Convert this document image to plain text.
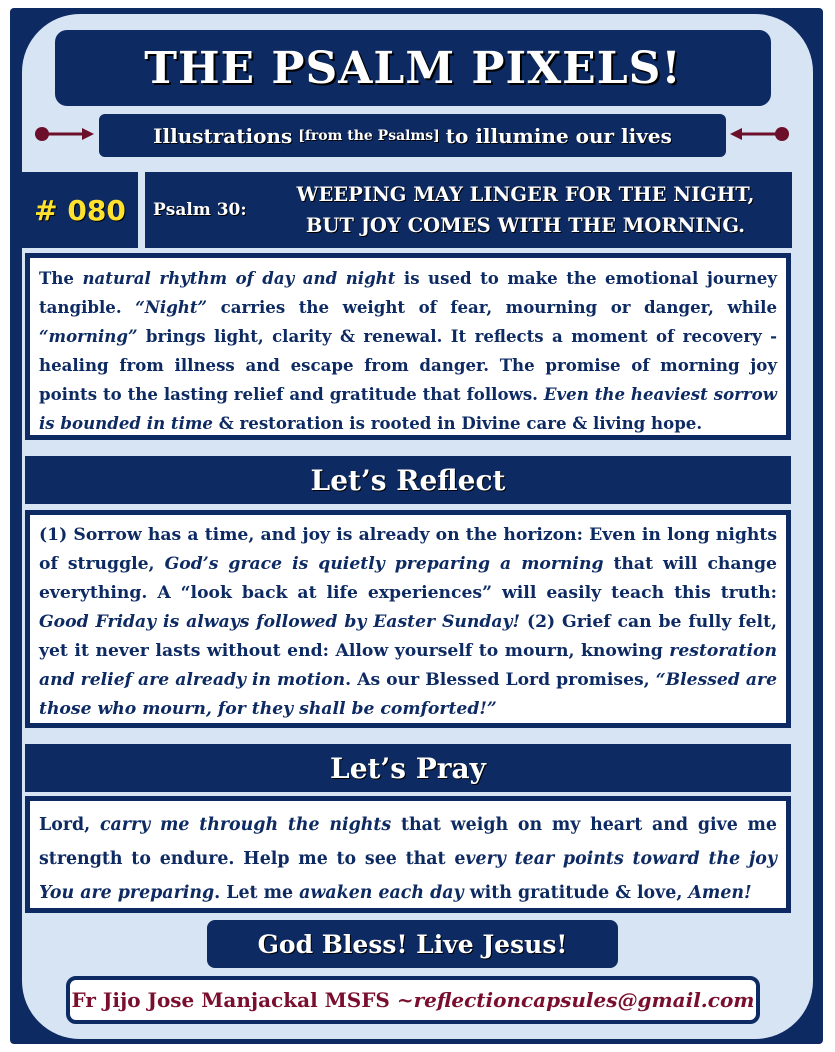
THE PSALM PIXELS!
Illustrations [from the Psalms] to illumine our lives
# 080	Psalm 30:
WEEPING MAY LINGER FOR THE NIGHT,
BUT JOY COMES WITH THE MORNING.
The natural rhythm of day and night is used to make the emotional journey tangible. “Night” carries the weight of fear, mourning or danger, while “morning” brings light, clarity & renewal. It reflects a moment of recovery - healing from illness and escape from danger. The promise of morning joy points to the lasting relief and gratitude that follows. Even the heaviest sorrow is bounded in time & restoration is rooted in Divine care & living hope.
Let’s Reflect
(1) Sorrow has a time, and joy is already on the horizon: Even in long nights of struggle, God’s grace is quietly preparing a morning that will change everything. A “look back at life experiences” will easily teach this truth: Good Friday is always followed by Easter Sunday! (2) Grief can be fully felt, yet it never lasts without end: Allow yourself to mourn, knowing restoration and relief are already in motion. As our Blessed Lord promises, “Blessed are those who mourn, for they shall be comforted!”
Let’s Pray
Lord, carry me through the nights that weigh on my heart and give me strength to endure. Help me to see that every tear points toward the joy You are preparing. Let me awaken each day with gratitude & love, Amen!
God Bless! Live Jesus!
Fr Jijo Jose Manjackal MSFS ~ reflectioncapsules@gmail.com
